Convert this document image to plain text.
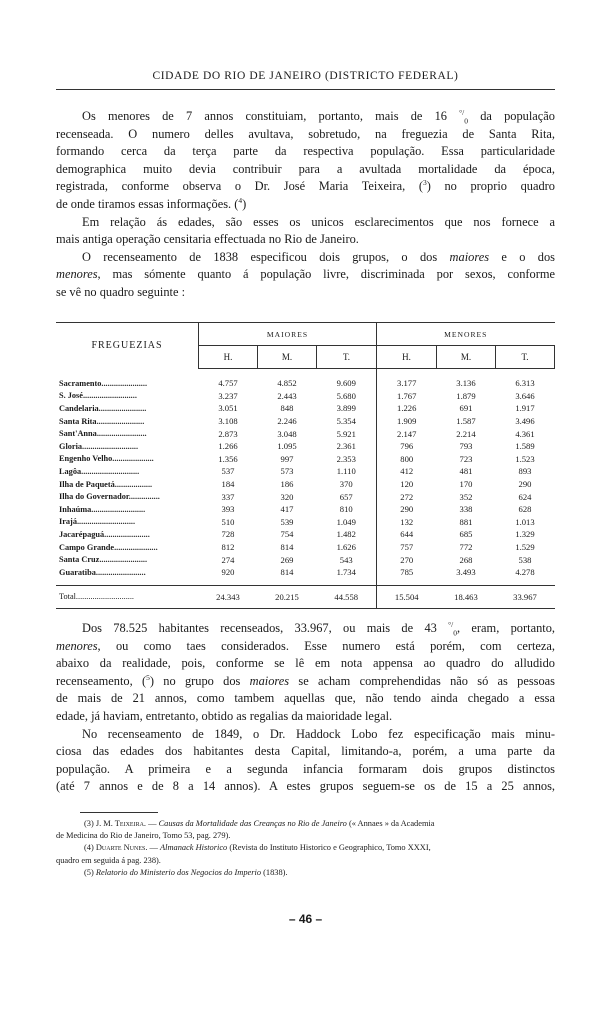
CIDADE DO RIO DE JANEIRO (DISTRICTO FEDERAL)
Os menores de 7 annos constituiam, portanto, mais de 16 °/$_0$ da população
recenseada. O numero delles avultava, sobretudo, na freguezia de Santa Rita,
formando cerca da terça parte da respectiva população. Essa particularidade
demographica muito devia contribuir para a avultada mortalidade da época,
registrada, conforme observa o Dr. José Maria Teixeira, ($^3$) no proprio quadro
de onde tiramos essas informações. ($^4$)
Em relação ás edades, são esses os unicos esclarecimentos que nos fornece a
mais antiga operação censitaria effectuada no Rio de Janeiro.
O recenseamento de 1838 especificou dois grupos, o dos maiores e o dos
menores, mas sómente quanto á população livre, discriminada por sexos, conforme
se vê no quadro seguinte :
FREGUEZIAS	MAIORES			MENORES		
	H.	M.	T.	H.	M.	T.
Sacramento......................	4.757	4.852	9.609	3.177	3.136	6.313
S. José..........................	3.237	2.443	5.680	1.767	1.879	3.646
Candelaria.......................	3.051	848	3.899	1.226	691	1.917
Santa Rita.......................	3.108	2.246	5.354	1.909	1.587	3.496
Sant'Anna........................	2.873	3.048	5.921	2.147	2.214	4.361
Gloria...........................	1.266	1.095	2.361	796	793	1.589
Engenho Velho....................	1.356	997	2.353	800	723	1.523
Lagôa............................	537	573	1.110	412	481	893
Ilha de Paquetá..................	184	186	370	120	170	290
Ilha do Governador...............	337	320	657	272	352	624
Inhaúma..........................	393	417	810	290	338	628
Irajá............................	510	539	1.049	132	881	1.013
Jacarépaguá......................	728	754	1.482	644	685	1.329
Campo Grande.....................	812	814	1.626	757	772	1.529
Santa Cruz.......................	274	269	543	270	268	538
Guaratiba........................	920	814	1.734	785	3.493	4.278
Total............................	24.343	20.215	44.558	15.504	18.463	33.967
Dos 78.525 habitantes recenseados, 33.967, ou mais de 43 °/$_0$, eram, portanto,
menores, ou como taes considerados. Esse numero está porém, com certeza,
abaixo da realidade, pois, conforme se lê em nota appensa ao quadro do alludido
recenseamento, ($^5$) no grupo dos maiores se acham comprehendidas não só as pessoas
de mais de 21 annos, como tambem aquellas que, não tendo ainda chegado a essa
edade, já haviam, entretanto, obtido as regalias da maioridade legal.
No recenseamento de 1849, o Dr. Haddock Lobo fez especificação mais minu-
ciosa das edades dos habitantes desta Capital, limitando-a, porém, a uma parte da
população. A primeira e a segunda infancia formaram dois grupos distinctos
(até 7 annos e de 8 a 14 annos). A estes grupos seguem-se os de 15 a 25 annos,
(3) J. M. Teixeira. — Causas da Mortalidade das Creanças no Rio de Janeiro (« Annaes » da Academia
de Medicina do Rio de Janeiro, Tomo 53, pag. 279).
(4) Duarte Nunes. — Almanack Historico (Revista do Instituto Historico e Geographico, Tomo XXXI,
quadro em seguida á pag. 238).
(5) Relatorio do Ministerio dos Negocios do Imperio (1838).
– 46 –
